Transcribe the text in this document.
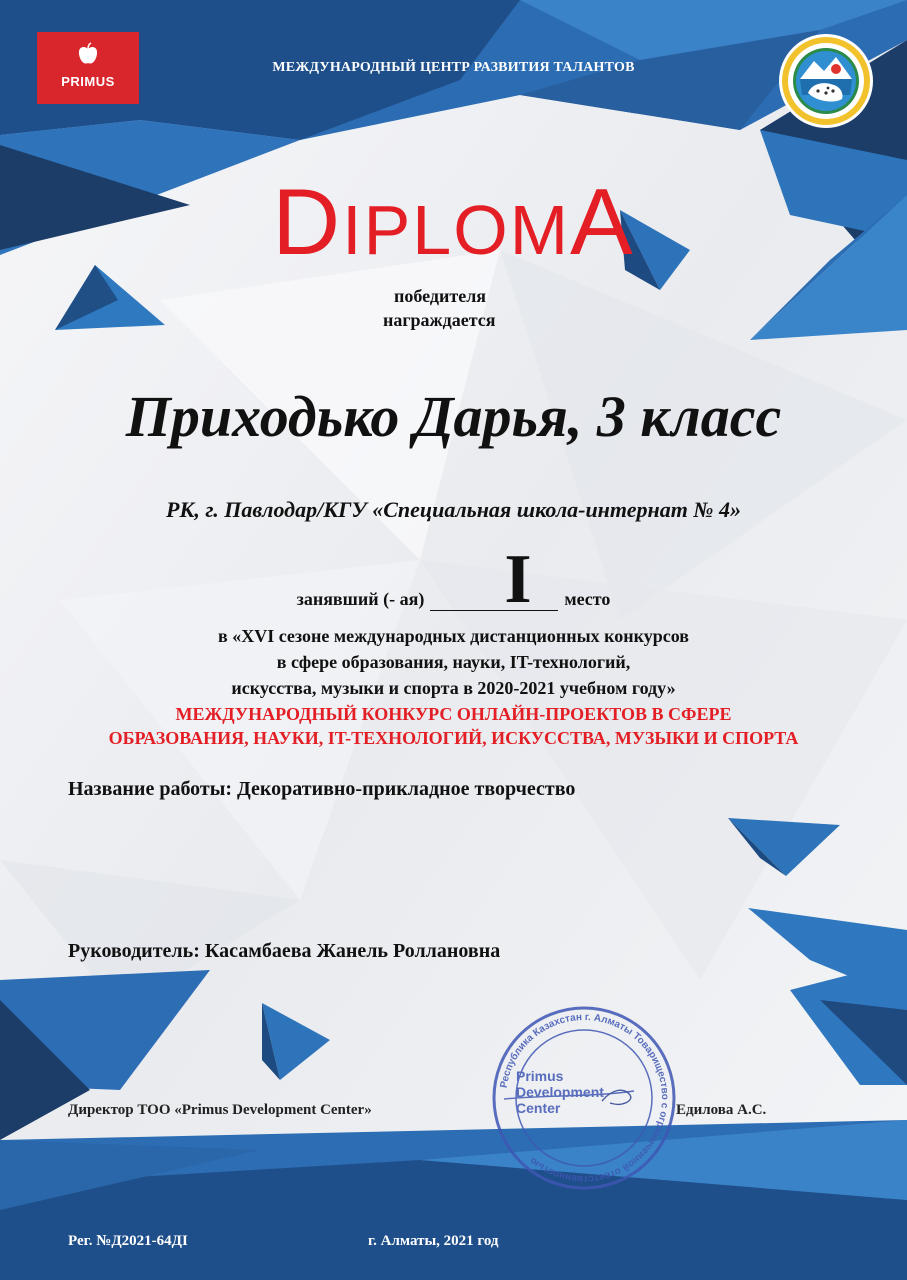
PRIMUS
МЕЖДУНАРОДНЫЙ ЦЕНТР РАЗВИТИЯ ТАЛАНТОВ
DIPLOMA
победителя
награждается
Приходько Дарья, 3 класс
РК, г. Павлодар/КГУ «Специальная школа-интернат № 4»
I
занявший (- ая)	место
в «XVI сезоне международных дистанционных конкурсов
в сфере образования, науки, IT-технологий,
искусства, музыки и спорта в 2020-2021 учебном году»
МЕЖДУНАРОДНЫЙ КОНКУРС ОНЛАЙН-ПРОЕКТОВ В СФЕРЕ
ОБРАЗОВАНИЯ, НАУКИ, IT-ТЕХНОЛОГИЙ, ИСКУССТВА, МУЗЫКИ И СПОРТА
Название работы: Декоративно-прикладное творчество
Руководитель: Касамбаева Жанель Роллановна
Республика Казахстан г. Алматы Товарищество с ограниченной ответственностью
Primus
Development
Center
Директор ТОО «Primus Development Center»	Едилова А.С.
Рег. №Д2021-64ДI	г. Алматы, 2021 год
